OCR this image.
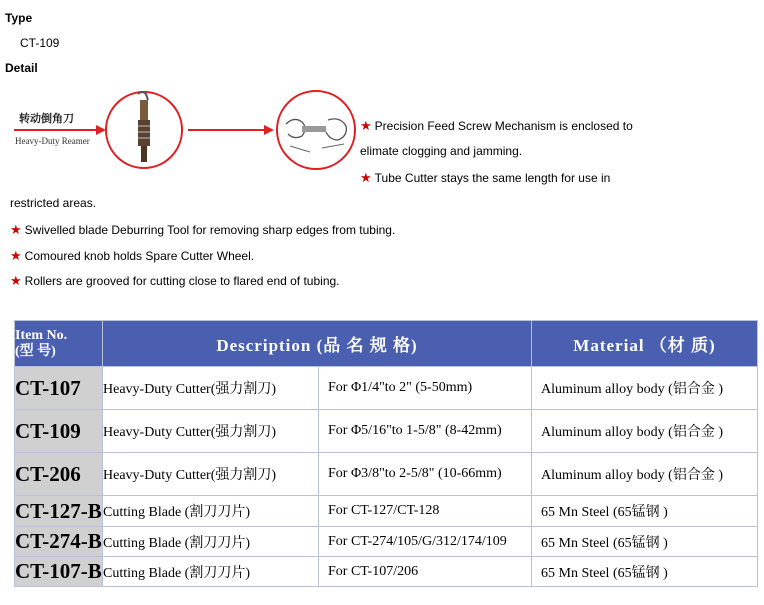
Type
CT-109
Detail
转动倒角刀
Heavy-Duty Reamer
★ Precision Feed Screw Mechanism is enclosed to
elimate clogging and jamming.
★ Tube Cutter stays the same length for use in
restricted areas.
★ Swivelled blade Deburring Tool for removing sharp edges from tubing.
★ Comoured knob holds Spare Cutter Wheel.
★ Rollers are grooved for cutting close to flared end of tubing.
Item No.
(型 号)	Description (品 名 规 格)		Material （材 质)
CT-107	Heavy-Duty Cutter(强力割刀)	For Φ1/4"to 2" (5-50mm)	Aluminum alloy body (铝合金 )
CT-109	Heavy-Duty Cutter(强力割刀)	For Φ5/16"to 1-5/8" (8-42mm)	Aluminum alloy body (铝合金 )
CT-206	Heavy-Duty Cutter(强力割刀)	For Φ3/8"to 2-5/8" (10-66mm)	Aluminum alloy body (铝合金 )
CT-127-B	Cutting Blade (割刀刀片)	For CT-127/CT-128	65 Mn Steel (65锰钢 )
CT-274-B	Cutting Blade (割刀刀片)	For CT-274/105/G/312/174/109	65 Mn Steel (65锰钢 )
CT-107-B	Cutting Blade (割刀刀片)	For CT-107/206	65 Mn Steel (65锰钢 )
